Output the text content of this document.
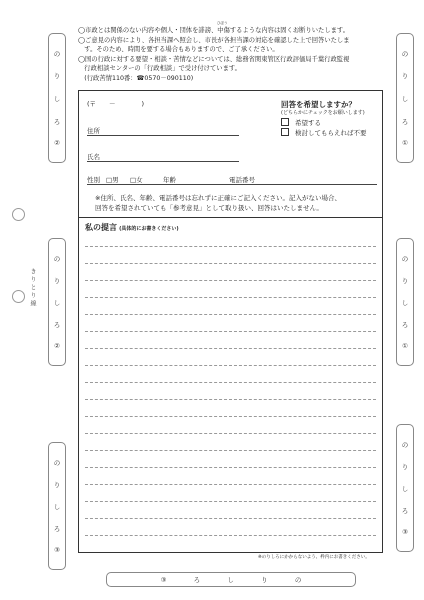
◯市政とは関係のない内容や個人・団体を誹謗、中傷するような内容は固くお断りいたします。

◯ご意見の内容により、各担当課へ照会し、市長が各担当課の対応を確認した上で回答いたしま

　す。そのため、時間を要する場合もありますので、ご了承ください。

◯国の行政に対する要望・相談・苦情などについては、総務省関東管区行政評価局千葉行政監視

　行政相談センターの「行政相談」で受け付けています。

　(行政苦情110番：☎0570－090110)

ひぼう
(〒　　－　　　　)
住所
氏名
回答を希望しますか？
(どちらかにチェックをお願いします)
希望する
検討してもらえれば不要
性別 □男 □女	年齢	電話番号
※住所、氏名、年齢、電話番号は忘れずに正確にご記入ください。記入がない場合、
回答を希望されていても「参考意見」として取り扱い、回答はいたしません。
私の提言 (具体的にお書きください)
※のりしろにかからないよう、枠内にお書きください。
の
り
し
ろ
②
の
り
し
ろ
②
の
り
し
ろ
③
の
り
し
ろ
①
の
り
し
ろ
①
の
り
し
ろ
③
③	ろ	し	り	の
きりとり線
